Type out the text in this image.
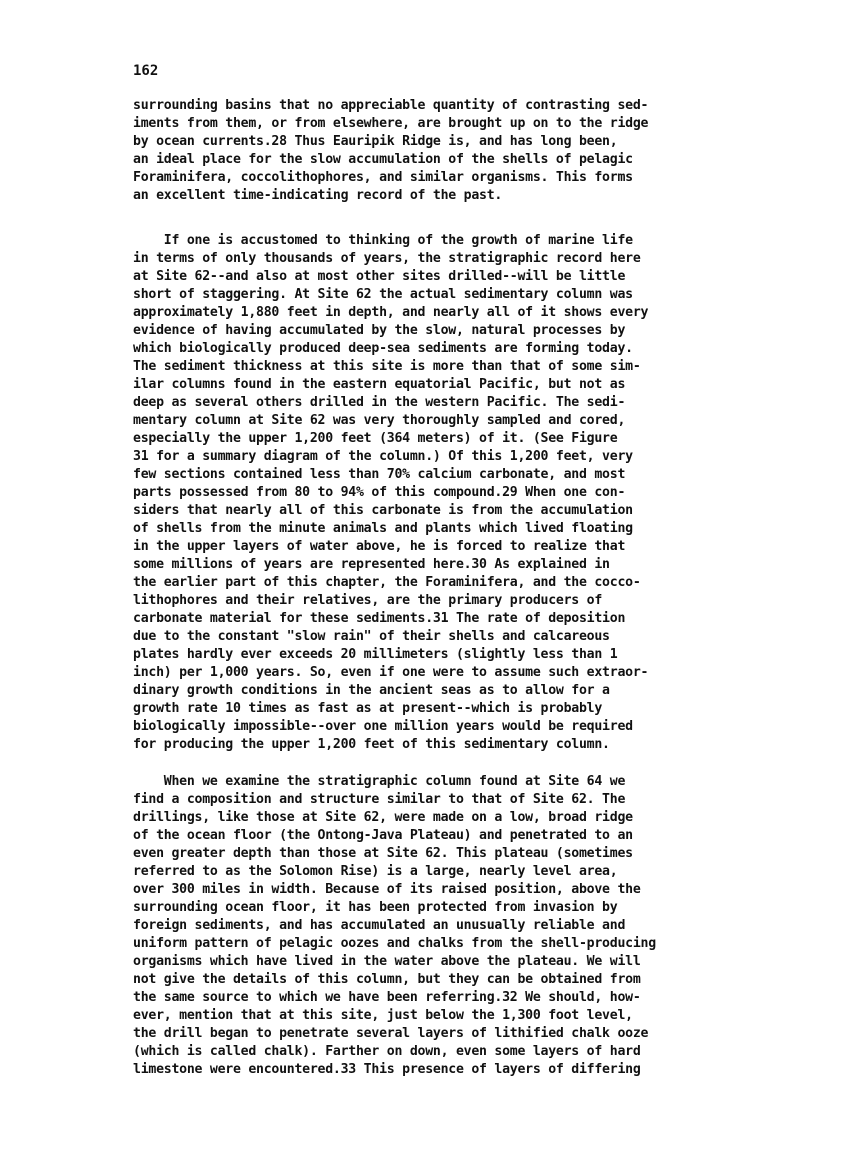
162
surrounding basins that no appreciable quantity of contrasting sed-
iments from them, or from elsewhere, are brought up on to the ridge
by ocean currents.28 Thus Eauripik Ridge is, and has long been,
an ideal place for the slow accumulation of the shells of pelagic
Foraminifera, coccolithophores, and similar organisms. This forms
an excellent time-indicating record of the past.
If one is accustomed to thinking of the growth of marine life
in terms of only thousands of years, the stratigraphic record here
at Site 62--and also at most other sites drilled--will be little
short of staggering. At Site 62 the actual sedimentary column was
approximately 1,880 feet in depth, and nearly all of it shows every
evidence of having accumulated by the slow, natural processes by
which biologically produced deep-sea sediments are forming today.
The sediment thickness at this site is more than that of some sim-
ilar columns found in the eastern equatorial Pacific, but not as
deep as several others drilled in the western Pacific. The sedi-
mentary column at Site 62 was very thoroughly sampled and cored,
especially the upper 1,200 feet (364 meters) of it. (See Figure
31 for a summary diagram of the column.) Of this 1,200 feet, very
few sections contained less than 70% calcium carbonate, and most
parts possessed from 80 to 94% of this compound.29 When one con-
siders that nearly all of this carbonate is from the accumulation
of shells from the minute animals and plants which lived floating
in the upper layers of water above, he is forced to realize that
some millions of years are represented here.30 As explained in
the earlier part of this chapter, the Foraminifera, and the cocco-
lithophores and their relatives, are the primary producers of
carbonate material for these sediments.31 The rate of deposition
due to the constant "slow rain" of their shells and calcareous
plates hardly ever exceeds 20 millimeters (slightly less than 1
inch) per 1,000 years. So, even if one were to assume such extraor-
dinary growth conditions in the ancient seas as to allow for a
growth rate 10 times as fast as at present--which is probably
biologically impossible--over one million years would be required
for producing the upper 1,200 feet of this sedimentary column.
When we examine the stratigraphic column found at Site 64 we
find a composition and structure similar to that of Site 62. The
drillings, like those at Site 62, were made on a low, broad ridge
of the ocean floor (the Ontong-Java Plateau) and penetrated to an
even greater depth than those at Site 62. This plateau (sometimes
referred to as the Solomon Rise) is a large, nearly level area,
over 300 miles in width. Because of its raised position, above the
surrounding ocean floor, it has been protected from invasion by
foreign sediments, and has accumulated an unusually reliable and
uniform pattern of pelagic oozes and chalks from the shell-producing
organisms which have lived in the water above the plateau. We will
not give the details of this column, but they can be obtained from
the same source to which we have been referring.32 We should, how-
ever, mention that at this site, just below the 1,300 foot level,
the drill began to penetrate several layers of lithified chalk ooze
(which is called chalk). Farther on down, even some layers of hard
limestone were encountered.33 This presence of layers of differing
